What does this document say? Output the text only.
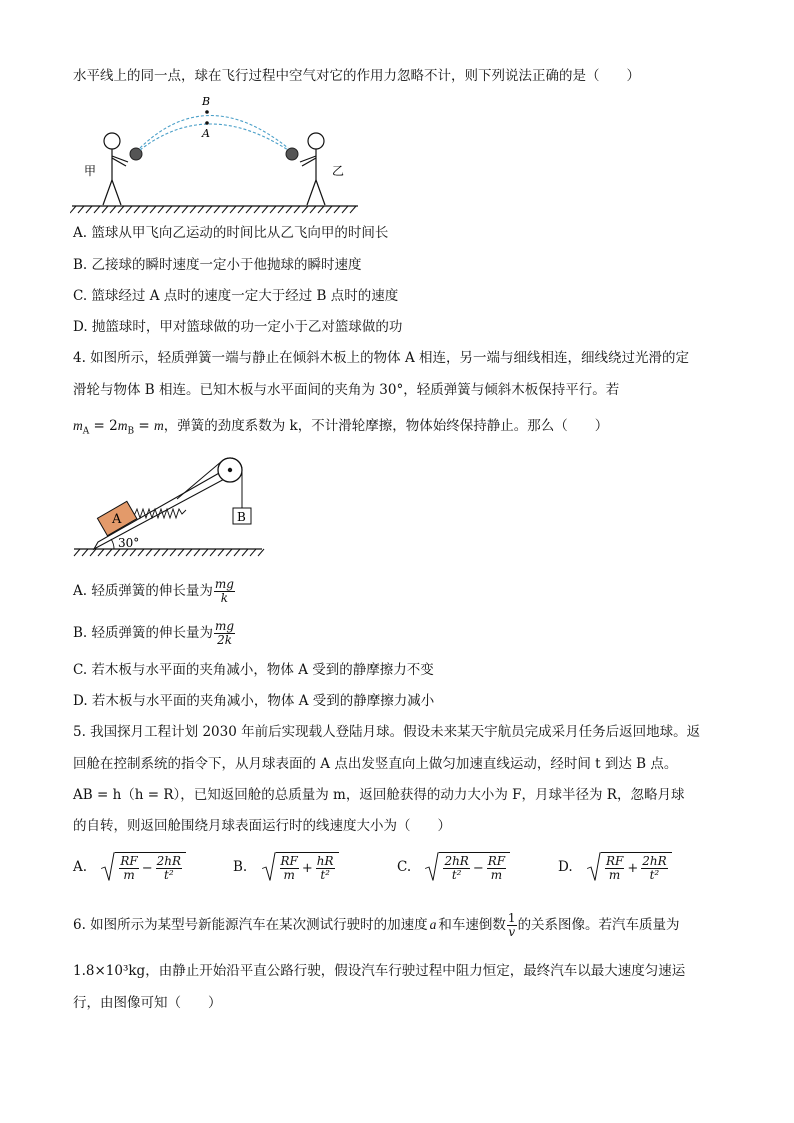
水平线上的同一点，球在飞行过程中空气对它的作用力忽略不计，则下列说法正确的是（　　）
B
A
甲	乙
A. 篮球从甲飞向乙运动的时间比从乙飞向甲的时间长
B. 乙接球的瞬时速度一定小于他抛球的瞬时速度
C. 篮球经过 A 点时的速度一定大于经过 B 点时的速度
D. 抛篮球时，甲对篮球做的功一定小于乙对篮球做的功
4. 如图所示，轻质弹簧一端与静止在倾斜木板上的物体 A 相连，另一端与细线相连，细线绕过光滑的定
滑轮与物体 B 相连。已知木板与水平面间的夹角为 30°，轻质弹簧与倾斜木板保持平行。若
$m_A = 2m_B = m$，弹簧的劲度系数为 k，不计滑轮摩擦，物体始终保持静止。那么（　　）
A	B
30°
A. 轻质弹簧的伸长量为 $\frac{mg}{k}$
B. 轻质弹簧的伸长量为 $\frac{mg}{2k}$
C. 若木板与水平面的夹角减小，物体 A 受到的静摩擦力不变
D. 若木板与水平面的夹角减小，物体 A 受到的静摩擦力减小
5. 我国探月工程计划 2030 年前后实现载人登陆月球。假设未来某天宇航员完成采月任务后返回地球。返
回舱在控制系统的指令下，从月球表面的 A 点出发竖直向上做匀加速直线运动，经时间 t 到达 B 点。
AB = h（h = R），已知返回舱的总质量为 m，返回舱获得的动力大小为 F，月球半径为 R，忽略月球
的自转，则返回舱围绕月球表面运行时的线速度大小为（　　）
A.	$\frac{RF}{m} - \frac{2hR}{\text{t²}}$	B.	$\frac{RF}{m} + \frac{hR}{\text{t²}}$	C.	$\frac{2hR}{\text{t²}} - \frac{RF}{m}$	D.	$\frac{RF}{m} + \frac{2hR}{\text{t²}}$
6. 如图所示为某型号新能源汽车在某次测试行驶时的加速度 a 和车速倒数 $\frac{1}{v}$ 的关系图像。若汽车质量为
1.8×10³kg，由静止开始沿平直公路行驶，假设汽车行驶过程中阻力恒定，最终汽车以最大速度匀速运
行，由图像可知（　　）
